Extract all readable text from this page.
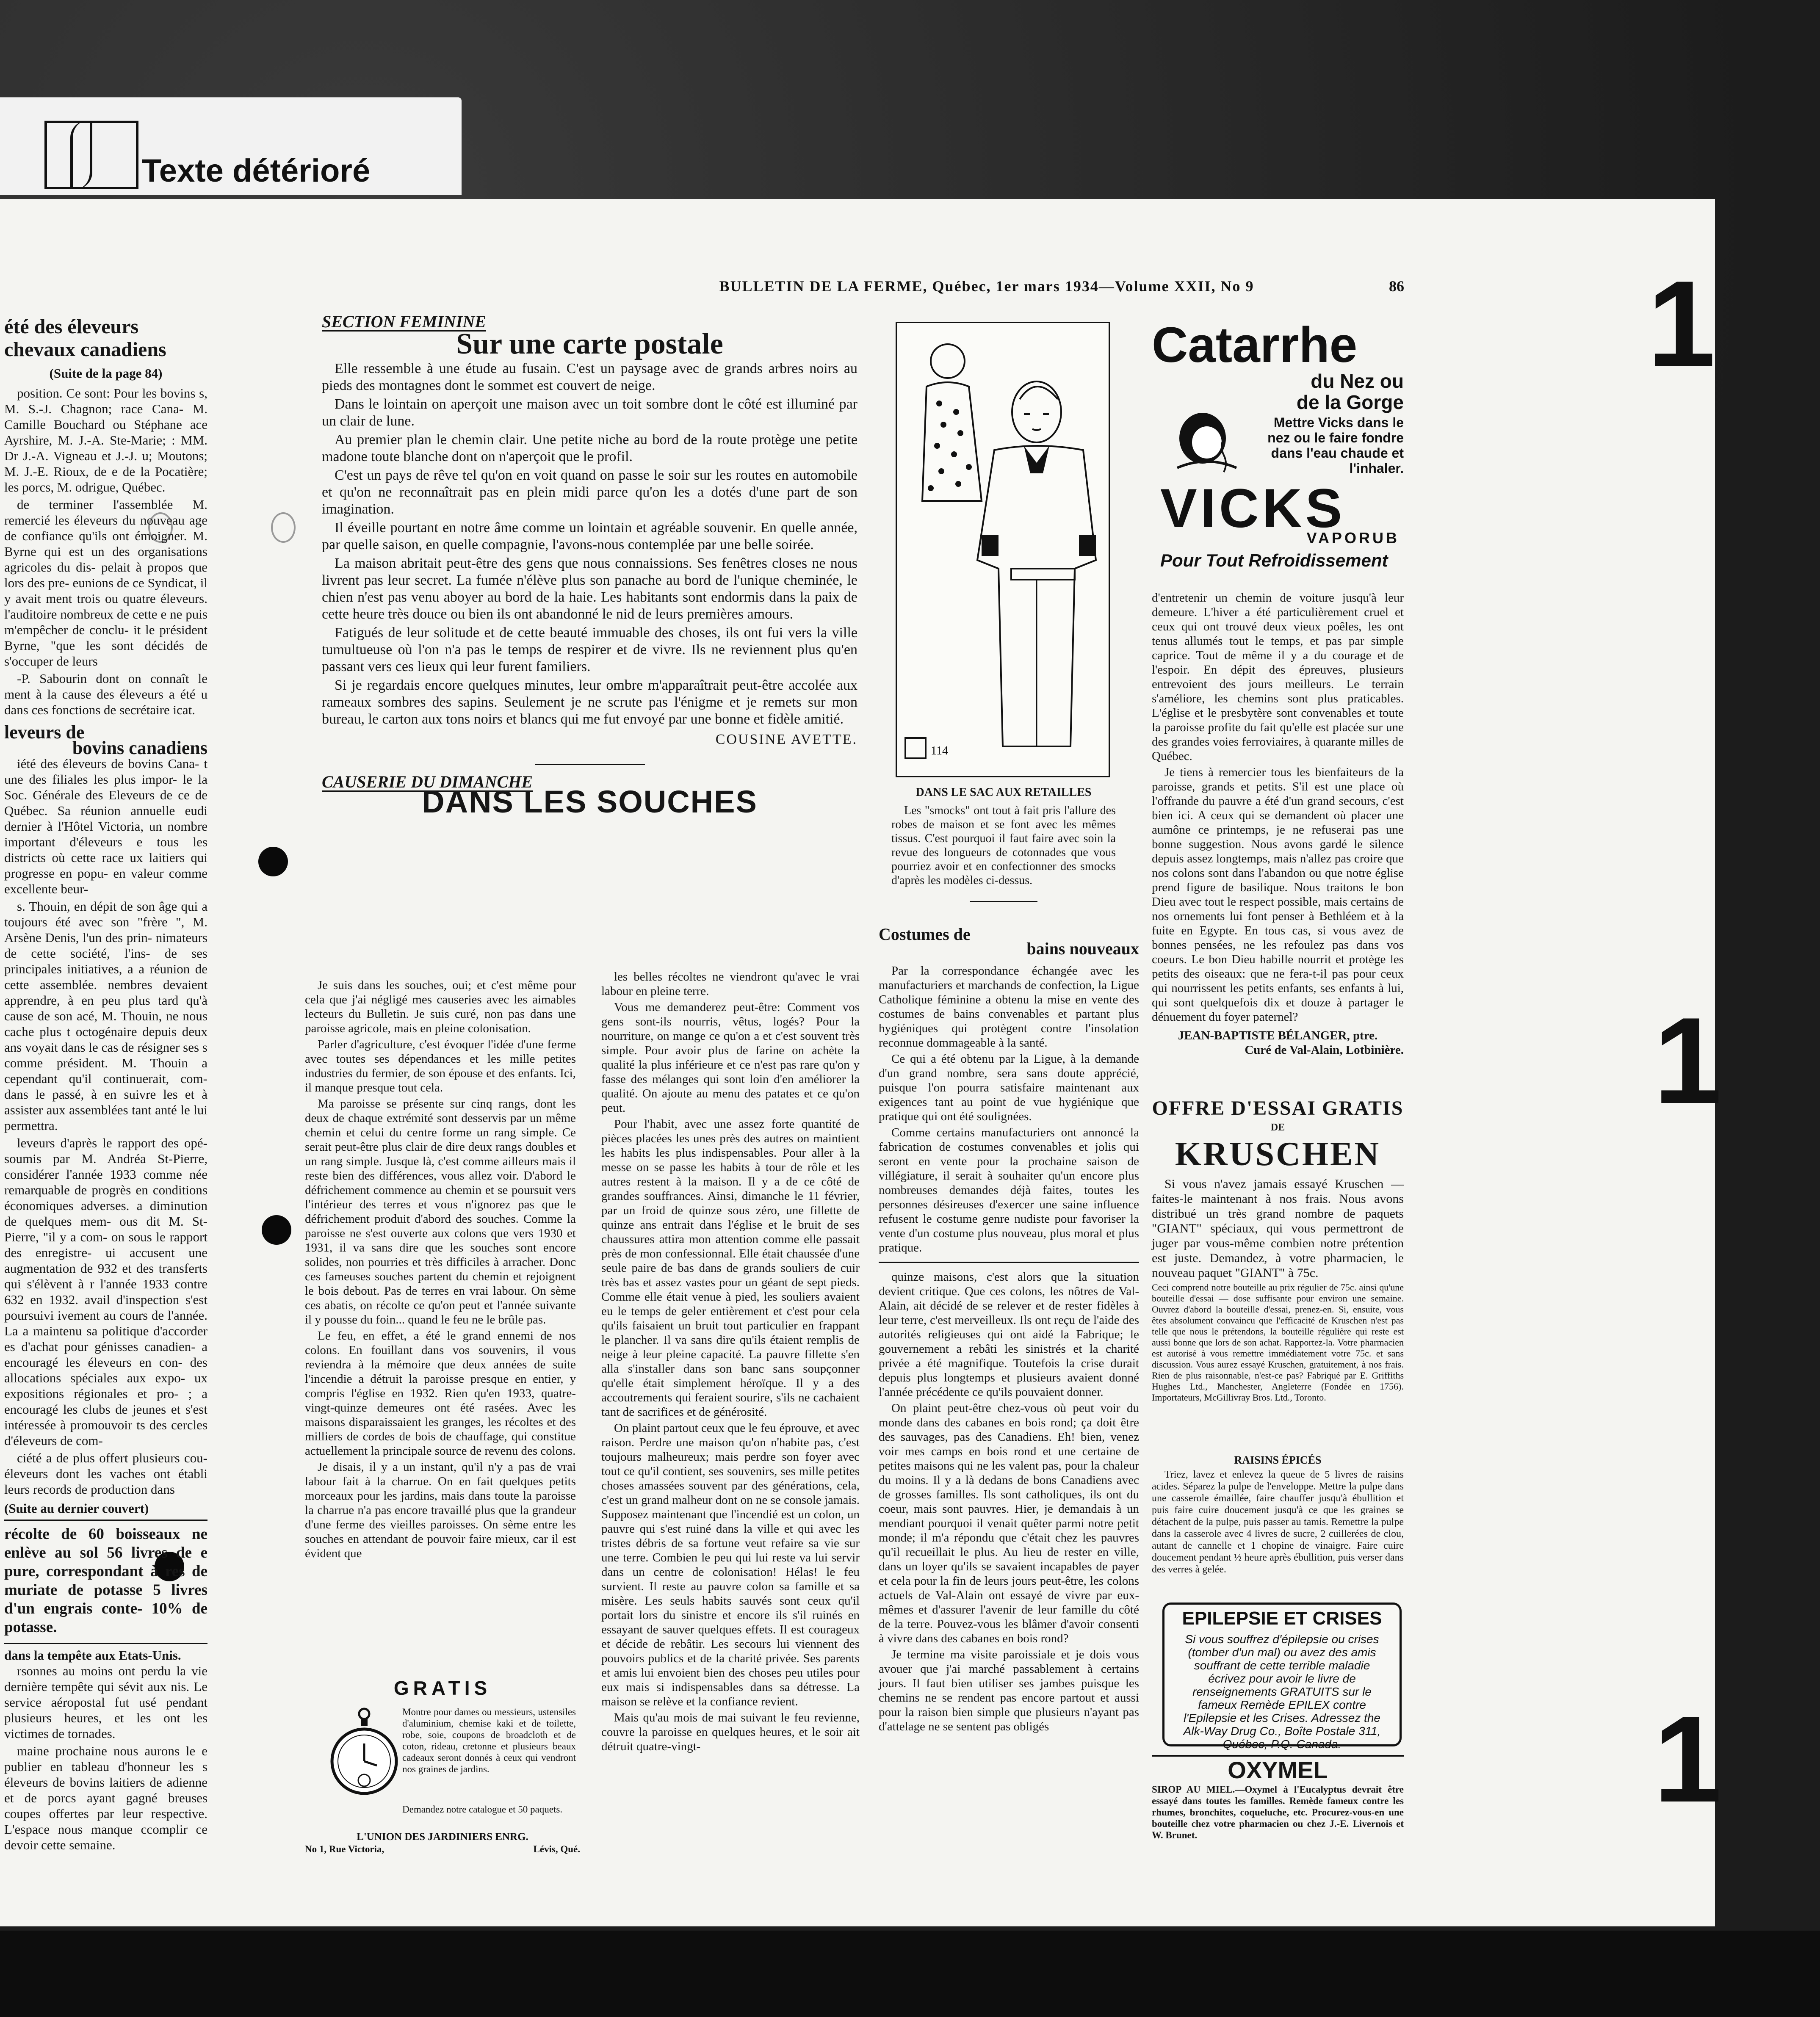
Texte détérioré
BULLETIN DE LA FERME, Québec, 1er mars 1934—Volume XXII, No 9	86 1
1
1
été des éleveurs
chevaux canadiens
(Suite de la page 84)

position. Ce sont: Pour les bovins s, M. S.-J. Chagnon; race Cana- M. Camille Bouchard ou Stéphane ace Ayrshire, M. J.-A. Ste-Marie; : MM. Dr J.-A. Vigneau et J.-J. u; Moutons; M. J.-E. Rioux, de e de la Pocatière; les porcs, M. odrigue, Québec.

de terminer l'assemblée M. remercié les éleveurs du nouveau age de confiance qu'ils ont émoigner. M. Byrne qui est un des organisations agricoles du dis- pelait à propos que lors des pre- eunions de ce Syndicat, il y avait ment trois ou quatre éleveurs. l'auditoire nombreux de cette e ne puis m'empêcher de conclu- it le président Byrne, "que les sont décidés de s'occuper de leurs

-P. Sabourin dont on connaît le ment à la cause des éleveurs a été u dans ces fonctions de secrétaire icat.

leveurs de
bovins canadiens

iété des éleveurs de bovins Cana- t une des filiales les plus impor- le la Soc. Générale des Eleveurs de ce de Québec. Sa réunion annuelle eudi dernier à l'Hôtel Victoria, un nombre important d'éleveurs e tous les districts où cette race ux laitiers qui progresse en popu- en valeur comme excellente beur-

s. Thouin, en dépit de son âge qui a toujours été avec son "frère ", M. Arsène Denis, l'un des prin- nimateurs de cette société, l'ins- de ses principales initiatives, a a réunion de cette assemblée. nembres devaient apprendre, à en peu plus tard qu'à cause de son acé, M. Thouin, ne nous cache plus t octogénaire depuis deux ans voyait dans le cas de résigner ses s comme président. M. Thouin a cependant qu'il continuerait, com- dans le passé, à en suivre les et à assister aux assemblées tant anté le lui permettra.

leveurs d'après le rapport des opé- soumis par M. Andréa St-Pierre, considérer l'année 1933 comme née remarquable de progrès en conditions économiques adverses. a diminution de quelques mem- ous dit M. St-Pierre, "il y a com- on sous le rapport des enregistre- ui accusent une augmentation de 932 et des transferts qui s'élèvent à r l'année 1933 contre 632 en 1932. avail d'inspection s'est poursuivi ivement au cours de l'année. La a maintenu sa politique d'accorder es d'achat pour génisses canadien- a encouragé les éleveurs en con- des allocations spéciales aux expo- ux expositions régionales et pro- ; a encouragé les clubs de jeunes et s'est intéressée à promouvoir ts des cercles d'éleveurs de com-

ciété a de plus offert plusieurs cou- éleveurs dont les vaches ont établi leurs records de production dans

(Suite au dernier couvert)
récolte de 60 boisseaux ne enlève au sol 56 livres de e pure, correspondant à res de muriate de potasse 5 livres d'un engrais conte- 10% de potasse.
dans la tempête aux Etats-Unis.

rsonnes au moins ont perdu la vie dernière tempête qui sévit aux nis. Le service aéropostal fut usé pendant plusieurs heures, et les ont les victimes de tornades.

maine prochaine nous aurons le e publier en tableau d'honneur les s éleveurs de bovins laitiers de adienne et de porcs ayant gagné breuses coupes offertes par leur respective. L'espace nous manque ccomplir ce devoir cette semaine.

SECTION FEMININE
Sur une carte postale

Elle ressemble à une étude au fusain. C'est un paysage avec de grands arbres noirs au pieds des montagnes dont le sommet est couvert de neige.

Dans le lointain on aperçoit une maison avec un toit sombre dont le côté est illuminé par un clair de lune.

Au premier plan le chemin clair. Une petite niche au bord de la route protège une petite madone toute blanche dont on n'aperçoit que le profil.

C'est un pays de rêve tel qu'on en voit quand on passe le soir sur les routes en automobile et qu'on ne reconnaîtrait pas en plein midi parce qu'on les a dotés d'une part de son imagination.

Il éveille pourtant en notre âme comme un lointain et agréable souvenir. En quelle année, par quelle saison, en quelle compagnie, l'avons-nous contemplée par une belle soirée.

La maison abritait peut-être des gens que nous connaissions. Ses fenêtres closes ne nous livrent pas leur secret. La fumée n'élève plus son panache au bord de l'unique cheminée, le chien n'est pas venu aboyer au bord de la haie. Les habitants sont endormis dans la paix de cette heure très douce ou bien ils ont abandonné le nid de leurs premières amours.

Fatigués de leur solitude et de cette beauté immuable des choses, ils ont fui vers la ville tumultueuse où l'on n'a pas le temps de respirer et de vivre. Ils ne reviennent plus qu'en passant vers ces lieux qui leur furent familiers.

Si je regardais encore quelques minutes, leur ombre m'apparaîtrait peut-être accolée aux rameaux sombres des sapins. Seulement je ne scrute pas l'énigme et je remets sur mon bureau, le carton aux tons noirs et blancs qui me fut envoyé par une bonne et fidèle amitié.

COUSINE AVETTE.
CAUSERIE DU DIMANCHE
DANS LES SOUCHES

Je suis dans les souches, oui; et c'est même pour cela que j'ai négligé mes causeries avec les aimables lecteurs du Bulletin. Je suis curé, non pas dans une paroisse agricole, mais en pleine colonisation.

Parler d'agriculture, c'est évoquer l'idée d'une ferme avec toutes ses dépendances et les mille petites industries du fermier, de son épouse et des enfants. Ici, il manque presque tout cela.

Ma paroisse se présente sur cinq rangs, dont les deux de chaque extrémité sont desservis par un même chemin et celui du centre forme un rang simple. Ce serait peut-être plus clair de dire deux rangs doubles et un rang simple. Jusque là, c'est comme ailleurs mais il reste bien des différences, vous allez voir. D'abord le défrichement commence au chemin et se poursuit vers l'intérieur des terres et vous n'ignorez pas que le défrichement produit d'abord des souches. Comme la paroisse ne s'est ouverte aux colons que vers 1930 et 1931, il va sans dire que les souches sont encore solides, non pourries et très difficiles à arracher. Donc ces fameuses souches partent du chemin et rejoignent le bois debout. Pas de terres en vrai labour. On sème ces abatis, on récolte ce qu'on peut et l'année suivante il y pousse du foin... quand le feu ne le brûle pas.

Le feu, en effet, a été le grand ennemi de nos colons. En fouillant dans vos souvenirs, il vous reviendra à la mémoire que deux années de suite l'incendie a détruit la paroisse presque en entier, y compris l'église en 1932. Rien qu'en 1933, quatre-vingt-quinze demeures ont été rasées. Avec les maisons disparaissaient les granges, les récoltes et des milliers de cordes de bois de chauffage, qui constitue actuellement la principale source de revenu des colons.

Je disais, il y a un instant, qu'il n'y a pas de vrai labour fait à la charrue. On en fait quelques petits morceaux pour les jardins, mais dans toute la paroisse la charrue n'a pas encore travaillé plus que la grandeur d'une ferme des vieilles paroisses. On sème entre les souches en attendant de pouvoir faire mieux, car il est évident que

GRATIS
Montre pour dames ou messieurs, ustensiles d'aluminium, chemise kaki et de toilette, robe, soie, coupons de broadcloth et de coton, rideau, cretonne et plusieurs beaux cadeaux seront donnés à ceux qui vendront nos graines de jardins.
Demandez notre catalogue et 50 paquets.
L'UNION DES JARDINIERS ENRG.
No 1, Rue Victoria,	Lévis, Qué.

les belles récoltes ne viendront qu'avec le vrai labour en pleine terre.

Vous me demanderez peut-être: Comment vos gens sont-ils nourris, vêtus, logés? Pour la nourriture, on mange ce qu'on a et c'est souvent très simple. Pour avoir plus de farine on achète la qualité la plus inférieure et ce n'est pas rare qu'on y fasse des mélanges qui sont loin d'en améliorer la qualité. On ajoute au menu des patates et ce qu'on peut.

Pour l'habit, avec une assez forte quantité de pièces placées les unes près des autres on maintient les habits les plus indispensables. Pour aller à la messe on se passe les habits à tour de rôle et les autres restent à la maison. Il y a de ce côté de grandes souffrances. Ainsi, dimanche le 11 février, par un froid de quinze sous zéro, une fillette de quinze ans entrait dans l'église et le bruit de ses chaussures attira mon attention comme elle passait près de mon confessionnal. Elle était chaussée d'une seule paire de bas dans de grands souliers de cuir très bas et assez vastes pour un géant de sept pieds. Comme elle était venue à pied, les souliers avaient eu le temps de geler entièrement et c'est pour cela qu'ils faisaient un bruit tout particulier en frappant le plancher. Il va sans dire qu'ils étaient remplis de neige à leur pleine capacité. La pauvre fillette s'en alla s'installer dans son banc sans soupçonner qu'elle était simplement héroïque. Il y a des accoutrements qui feraient sourire, s'ils ne cachaient tant de sacrifices et de générosité.

On plaint partout ceux que le feu éprouve, et avec raison. Perdre une maison qu'on n'habite pas, c'est toujours malheureux; mais perdre son foyer avec tout ce qu'il contient, ses souvenirs, ses mille petites choses amassées souvent par des générations, cela, c'est un grand malheur dont on ne se console jamais. Supposez maintenant que l'incendié est un colon, un pauvre qui s'est ruiné dans la ville et qui avec les tristes débris de sa fortune veut refaire sa vie sur une terre. Combien le peu qui lui reste va lui servir dans un centre de colonisation! Hélas! le feu survient. Il reste au pauvre colon sa famille et sa misère. Les seuls habits sauvés sont ceux qu'il portait lors du sinistre et encore ils s'il ruinés en essayant de sauver quelques effets. Il est courageux et décide de rebâtir. Les secours lui viennent des pouvoirs publics et de la charité privée. Ses parents et amis lui envoient bien des choses peu utiles pour eux mais si indispensables dans sa détresse. La maison se relève et la confiance revient.

Mais qu'au mois de mai suivant le feu revienne, couvre la paroisse en quelques heures, et le soir ait détruit quatre-vingt-

114
DANS LE SAC AUX RETAILLES

Les "smocks" ont tout à fait pris l'allure des robes de maison et se font avec les mêmes tissus. C'est pourquoi il faut faire avec soin la revue des longueurs de cotonnades que vous pourriez avoir et en confectionner des smocks d'après les modèles ci-dessus.

Costumes de
bains nouveaux

Par la correspondance échangée avec les manufacturiers et marchands de confection, la Ligue Catholique féminine a obtenu la mise en vente des costumes de bains convenables et partant plus hygiéniques qui protègent contre l'insolation reconnue dommageable à la santé.

Ce qui a été obtenu par la Ligue, à la demande d'un grand nombre, sera sans doute apprécié, puisque l'on pourra satisfaire maintenant aux exigences tant au point de vue hygiénique que pratique qui ont été soulignées.

Comme certains manufacturiers ont annoncé la fabrication de costumes convenables et jolis qui seront en vente pour la prochaine saison de villégiature, il serait à souhaiter qu'un encore plus nombreuses demandes déjà faites, toutes les personnes désireuses d'exercer une saine influence refusent le costume genre nudiste pour favoriser la vente d'un costume plus nouveau, plus moral et plus pratique.

quinze maisons, c'est alors que la situation devient critique. Que ces colons, les nôtres de Val-Alain, ait décidé de se relever et de rester fidèles à leur terre, c'est merveilleux. Ils ont reçu de l'aide des autorités religieuses qui ont aidé la Fabrique; le gouvernement a rebâti les sinistrés et la charité privée a été magnifique. Toutefois la crise durait depuis plus longtemps et plusieurs avaient donné l'année précédente ce qu'ils pouvaient donner.

On plaint peut-être chez-vous où peut voir du monde dans des cabanes en bois rond; ça doit être des sauvages, pas des Canadiens. Eh! bien, venez voir mes camps en bois rond et une certaine de petites maisons qui ne les valent pas, pour la chaleur du moins. Il y a là dedans de bons Canadiens avec de grosses familles. Ils sont catholiques, ils ont du coeur, mais sont pauvres. Hier, je demandais à un mendiant pourquoi il venait quêter parmi notre petit monde; il m'a répondu que c'était chez les pauvres qu'il recueillait le plus. Au lieu de rester en ville, dans un loyer qu'ils se savaient incapables de payer et cela pour la fin de leurs jours peut-être, les colons actuels de Val-Alain ont essayé de vivre par eux-mêmes et d'assurer l'avenir de leur famille du côté de la terre. Pouvez-vous les blâmer d'avoir consenti à vivre dans des cabanes en bois rond?

Je termine ma visite paroissiale et je dois vous avouer que j'ai marché passablement à certains jours. Il faut bien utiliser ses jambes puisque les chemins ne se rendent pas encore partout et aussi pour la raison bien simple que plusieurs n'ayant pas d'attelage ne se sentent pas obligés

Catarrhe
du Nez ou
de la Gorge
Mettre Vicks dans le nez ou le faire fondre dans l'eau chaude et l'inhaler.
VICKS
VAPORUB
Pour Tout Refroidissement

d'entretenir un chemin de voiture jusqu'à leur demeure. L'hiver a été particulièrement cruel et ceux qui ont trouvé deux vieux poêles, les ont tenus allumés tout le temps, et pas par simple caprice. Tout de même il y a du courage et de l'espoir. En dépit des épreuves, plusieurs entrevoient des jours meilleurs. Le terrain s'améliore, les chemins sont plus praticables. L'église et le presbytère sont convenables et toute la paroisse profite du fait qu'elle est placée sur une des grandes voies ferroviaires, à quarante milles de Québec.

Je tiens à remercier tous les bienfaiteurs de la paroisse, grands et petits. S'il est une place où l'offrande du pauvre a été d'un grand secours, c'est bien ici. A ceux qui se demandent où placer une aumône ce printemps, je ne refuserai pas une bonne suggestion. Nous avons gardé le silence depuis assez longtemps, mais n'allez pas croire que nos colons sont dans l'abandon ou que notre église prend figure de basilique. Nous traitons le bon Dieu avec tout le respect possible, mais certains de nos ornements lui font penser à Bethléem et à la fuite en Egypte. En tous cas, si vous avez de bonnes pensées, ne les refoulez pas dans vos coeurs. Le bon Dieu habille nourrit et protège les petits des oiseaux: que ne fera-t-il pas pour ceux qui nourrissent les petits enfants, ses enfants à lui, qui sont quelquefois dix et douze à partager le dénuement du foyer paternel?

JEAN-BAPTISTE BÉLANGER, ptre.
Curé de Val-Alain, Lotbinière.
OFFRE D'ESSAI GRATIS
DE
KRUSCHEN

Si vous n'avez jamais essayé Kruschen — faites-le maintenant à nos frais. Nous avons distribué un très grand nombre de paquets "GIANT" spéciaux, qui vous permettront de juger par vous-même combien notre prétention est juste. Demandez, à votre pharmacien, le nouveau paquet "GIANT" à 75c.

Ceci comprend notre bouteille au prix régulier de 75c. ainsi qu'une bouteille d'essai — dose suffisante pour environ une semaine. Ouvrez d'abord la bouteille d'essai, prenez-en. Si, ensuite, vous êtes absolument convaincu que l'efficacité de Kruschen n'est pas telle que nous le prétendons, la bouteille régulière qui reste est aussi bonne que lors de son achat. Rapportez-la. Votre pharmacien est autorisé à vous remettre immédiatement votre 75c. et sans discussion. Vous aurez essayé Kruschen, gratuitement, à nos frais. Rien de plus raisonnable, n'est-ce pas? Fabriqué par E. Griffiths Hughes Ltd., Manchester, Angleterre (Fondée en 1756). Importateurs, McGillivray Bros. Ltd., Toronto.

RAISINS ÉPICÉS

Triez, lavez et enlevez la queue de 5 livres de raisins acides. Séparez la pulpe de l'enveloppe. Mettre la pulpe dans une casserole émaillée, faire chauffer jusqu'à ébullition et puis faire cuire doucement jusqu'à ce que les graines se détachent de la pulpe, puis passer au tamis. Remettre la pulpe dans la casserole avec 4 livres de sucre, 2 cuillerées de clou, autant de cannelle et 1 chopine de vinaigre. Faire cuire doucement pendant ½ heure après ébullition, puis verser dans des verres à gelée.

EPILEPSIE ET CRISES
Si vous souffrez d'épilepsie ou crises (tomber d'un mal) ou avez des amis souffrant de cette terrible maladie écrivez pour avoir le livre de renseignements GRATUITS sur le fameux Remède EPILEX contre l'Epilepsie et les Crises. Adressez the Alk-Way Drug Co., Boîte Postale 311, Québec, P.Q. Canada.
OXYMEL

SIROP AU MIEL.—Oxymel à l'Eucalyptus devrait être essayé dans toutes les familles. Remède fameux contre les rhumes, bronchites, coqueluche, etc. Procurez-vous-en une bouteille chez votre pharmacien ou chez J.-E. Livernois et W. Brunet.
